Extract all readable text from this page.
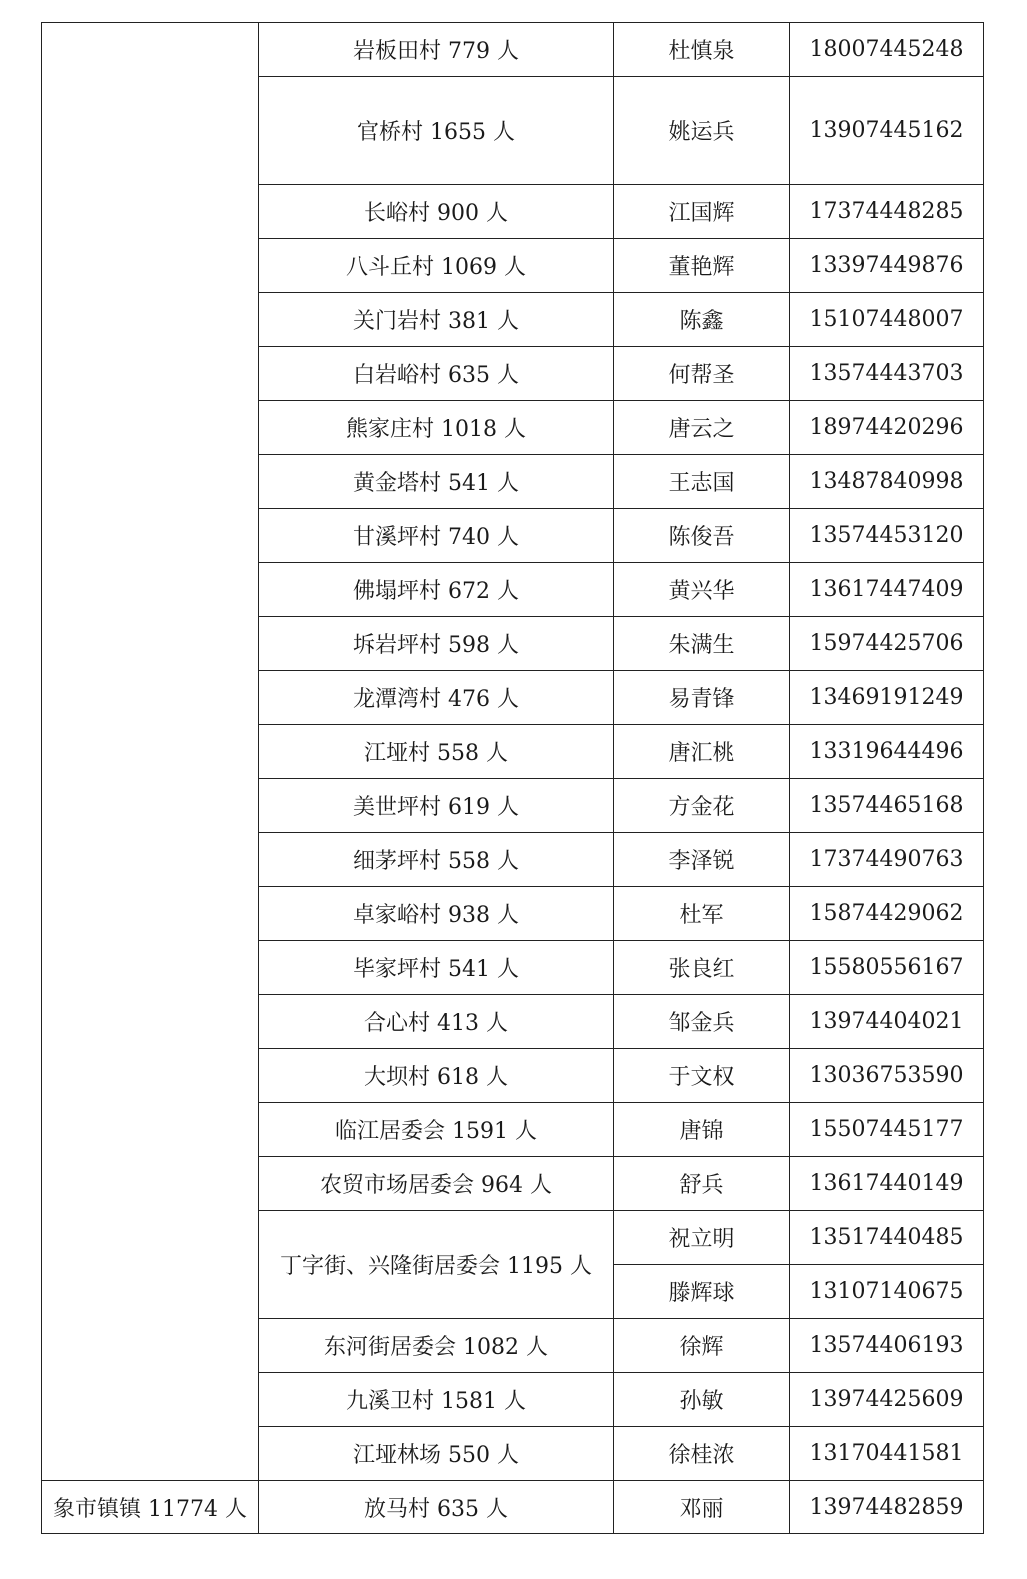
	岩板田村 779 人	杜慎泉	18007445248
	官桥村 1655 人	姚运兵	13907445162
	长峪村 900 人	江国辉	17374448285
	八斗丘村 1069 人	董艳辉	13397449876
	关门岩村 381 人	陈鑫	15107448007
	白岩峪村 635 人	何帮圣	13574443703
	熊家庄村 1018 人	唐云之	18974420296
	黄金塔村 541 人	王志国	13487840998
	甘溪坪村 740 人	陈俊吾	13574453120
	佛塌坪村 672 人	黄兴华	13617447409
	坼岩坪村 598 人	朱满生	15974425706
	龙潭湾村 476 人	易青锋	13469191249
	江垭村 558 人	唐汇桃	13319644496
	美世坪村 619 人	方金花	13574465168
	细茅坪村 558 人	李泽锐	17374490763
	卓家峪村 938 人	杜军	15874429062
	毕家坪村 541 人	张良红	15580556167
	合心村 413 人	邹金兵	13974404021
	大坝村 618 人	于文权	13036753590
	临江居委会 1591 人	唐锦	15507445177
	农贸市场居委会 964 人	舒兵	13617440149
	丁字街、兴隆街居委会 1195 人	祝立明	13517440485
		滕辉球	13107140675
	东河街居委会 1082 人	徐辉	13574406193
	九溪卫村 1581 人	孙敏	13974425609
	江垭林场 550 人	徐桂浓	13170441581
象市镇镇 11774 人	放马村 635 人	邓丽	13974482859
